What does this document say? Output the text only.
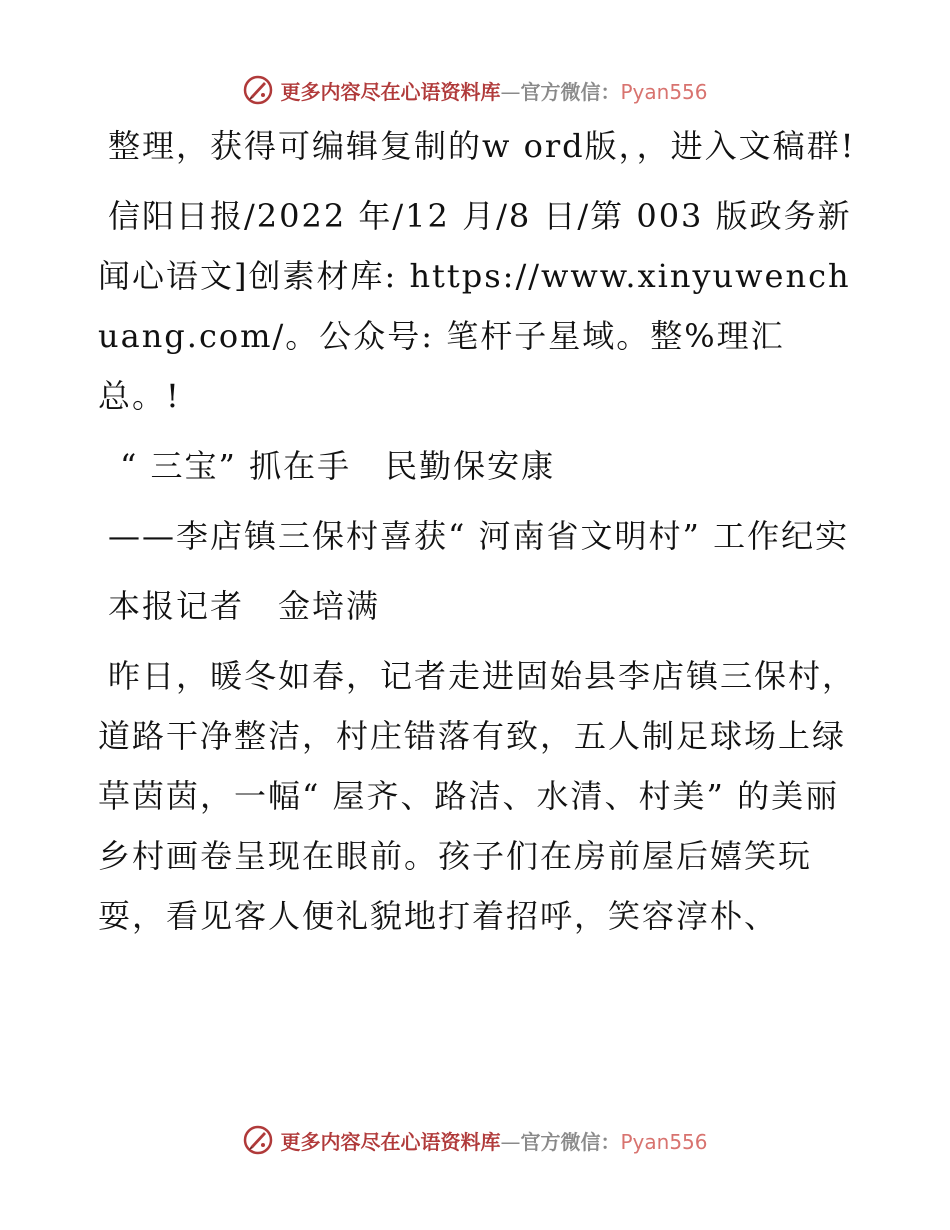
更多内容尽在心语资料库—官方微信：Pyan556

整理，获得可编辑复制的w ord版，，进入文稿群!

信阳日报/2022 年/12 月/8 日/第 003 版政务新闻心语文]创素材库: https://www.xinyuwenchuang.com/。公众号: 笔杆子星域。整%理汇总。!

“ 三宝” 抓在手　民勤保安康

——李店镇三保村喜获“ 河南省文明村” 工作纪实

本报记者　金培满

昨日，暖冬如春，记者走进固始县李店镇三保村，道路干净整洁，村庄错落有致，五人制足球场上绿草茵茵，一幅“ 屋齐、路洁、水清、村美” 的美丽乡村画卷呈现在眼前。孩子们在房前屋后嬉笑玩耍，看见客人便礼貌地打着招呼，笑容淳朴、

更多内容尽在心语资料库—官方微信：Pyan556
